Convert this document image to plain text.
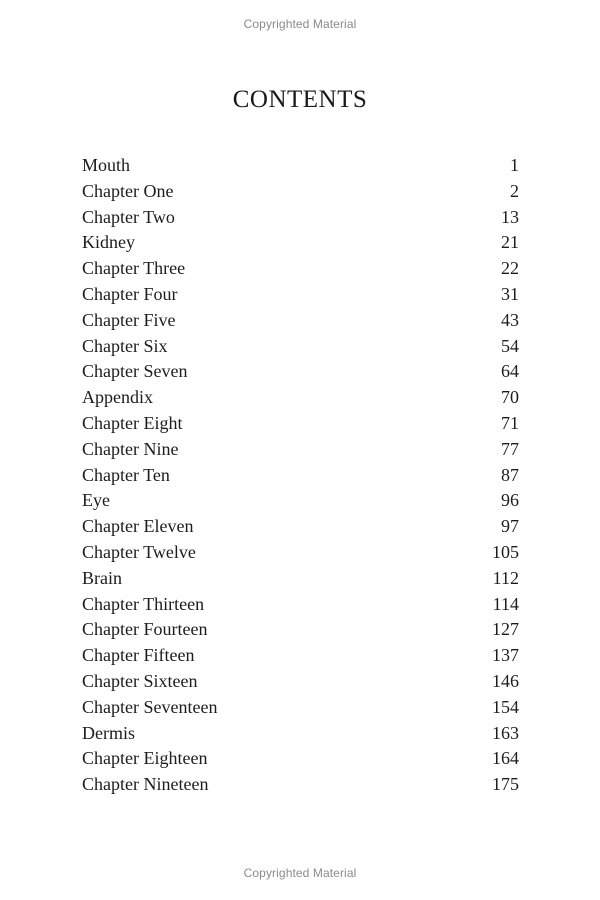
Copyrighted Material
CONTENTS
Mouth	1
Chapter One	2
Chapter Two	13
Kidney	21
Chapter Three	22
Chapter Four	31
Chapter Five	43
Chapter Six	54
Chapter Seven	64
Appendix	70
Chapter Eight	71
Chapter Nine	77
Chapter Ten	87
Eye	96
Chapter Eleven	97
Chapter Twelve	105
Brain	112
Chapter Thirteen	114
Chapter Fourteen	127
Chapter Fifteen	137
Chapter Sixteen	146
Chapter Seventeen	154
Dermis	163
Chapter Eighteen	164
Chapter Nineteen	175
Copyrighted Material
